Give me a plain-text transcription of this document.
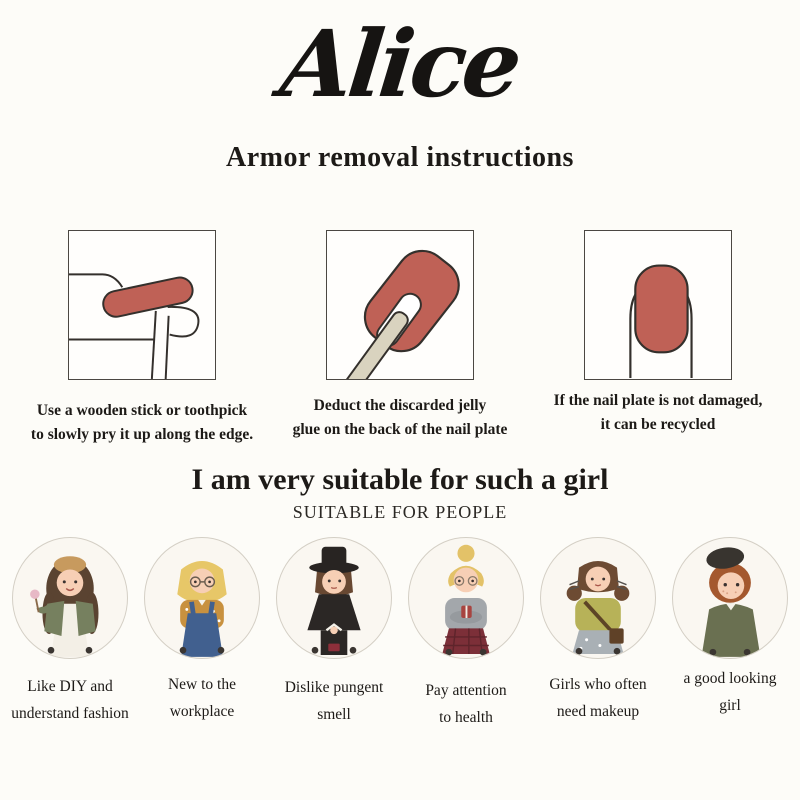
Alice
Armor removal instructions
Use a wooden stick or toothpick
to slowly pry it up along the edge.
Deduct the discarded jelly
glue on the back of the nail plate
If the nail plate is not damaged,
it can be recycled
I am very suitable for such a girl
SUITABLE FOR PEOPLE
Like DIY and
understand fashion
New to the
workplace
Dislike pungent
smell
Pay attention
to health
Girls who often
need makeup
a good looking
girl
